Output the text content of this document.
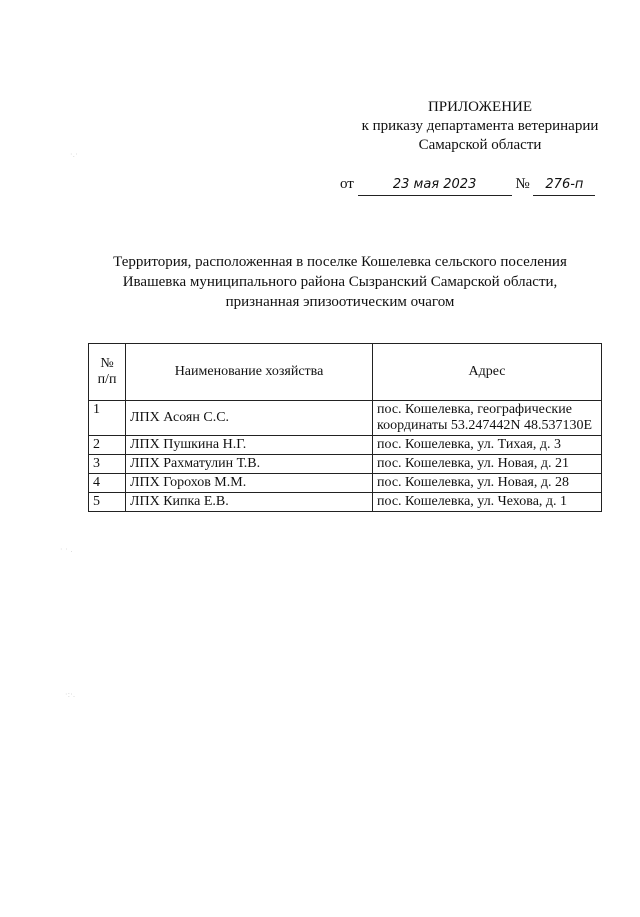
ПРИЛОЖЕНИЕ
к приказу департамента ветеринарии
Самарской области
от	23 мая 2023	№ 276-п
Территория, расположенная в поселке Кошелевка сельского поселения
Ивашевка муниципального района Сызранский Самарской области,
признанная эпизоотическим очагом
№ п/п	Наименование хозяйства	Адрес
1	ЛПХ Асоян С.С.	пос. Кошелевка, географические координаты 53.247442N 48.537130E
2	ЛПХ Пушкина Н.Г.	пос. Кошелевка, ул. Тихая, д. 3
3	ЛПХ Рахматулин Т.В.	пос. Кошелевка, ул. Новая, д. 21
4	ЛПХ Горохов М.М.	пос. Кошелевка, ул. Новая, д. 28
5	ЛПХ Кипка Е.В.	пос. Кошелевка, ул. Чехова, д. 1
·.·
· · .
·:·.
